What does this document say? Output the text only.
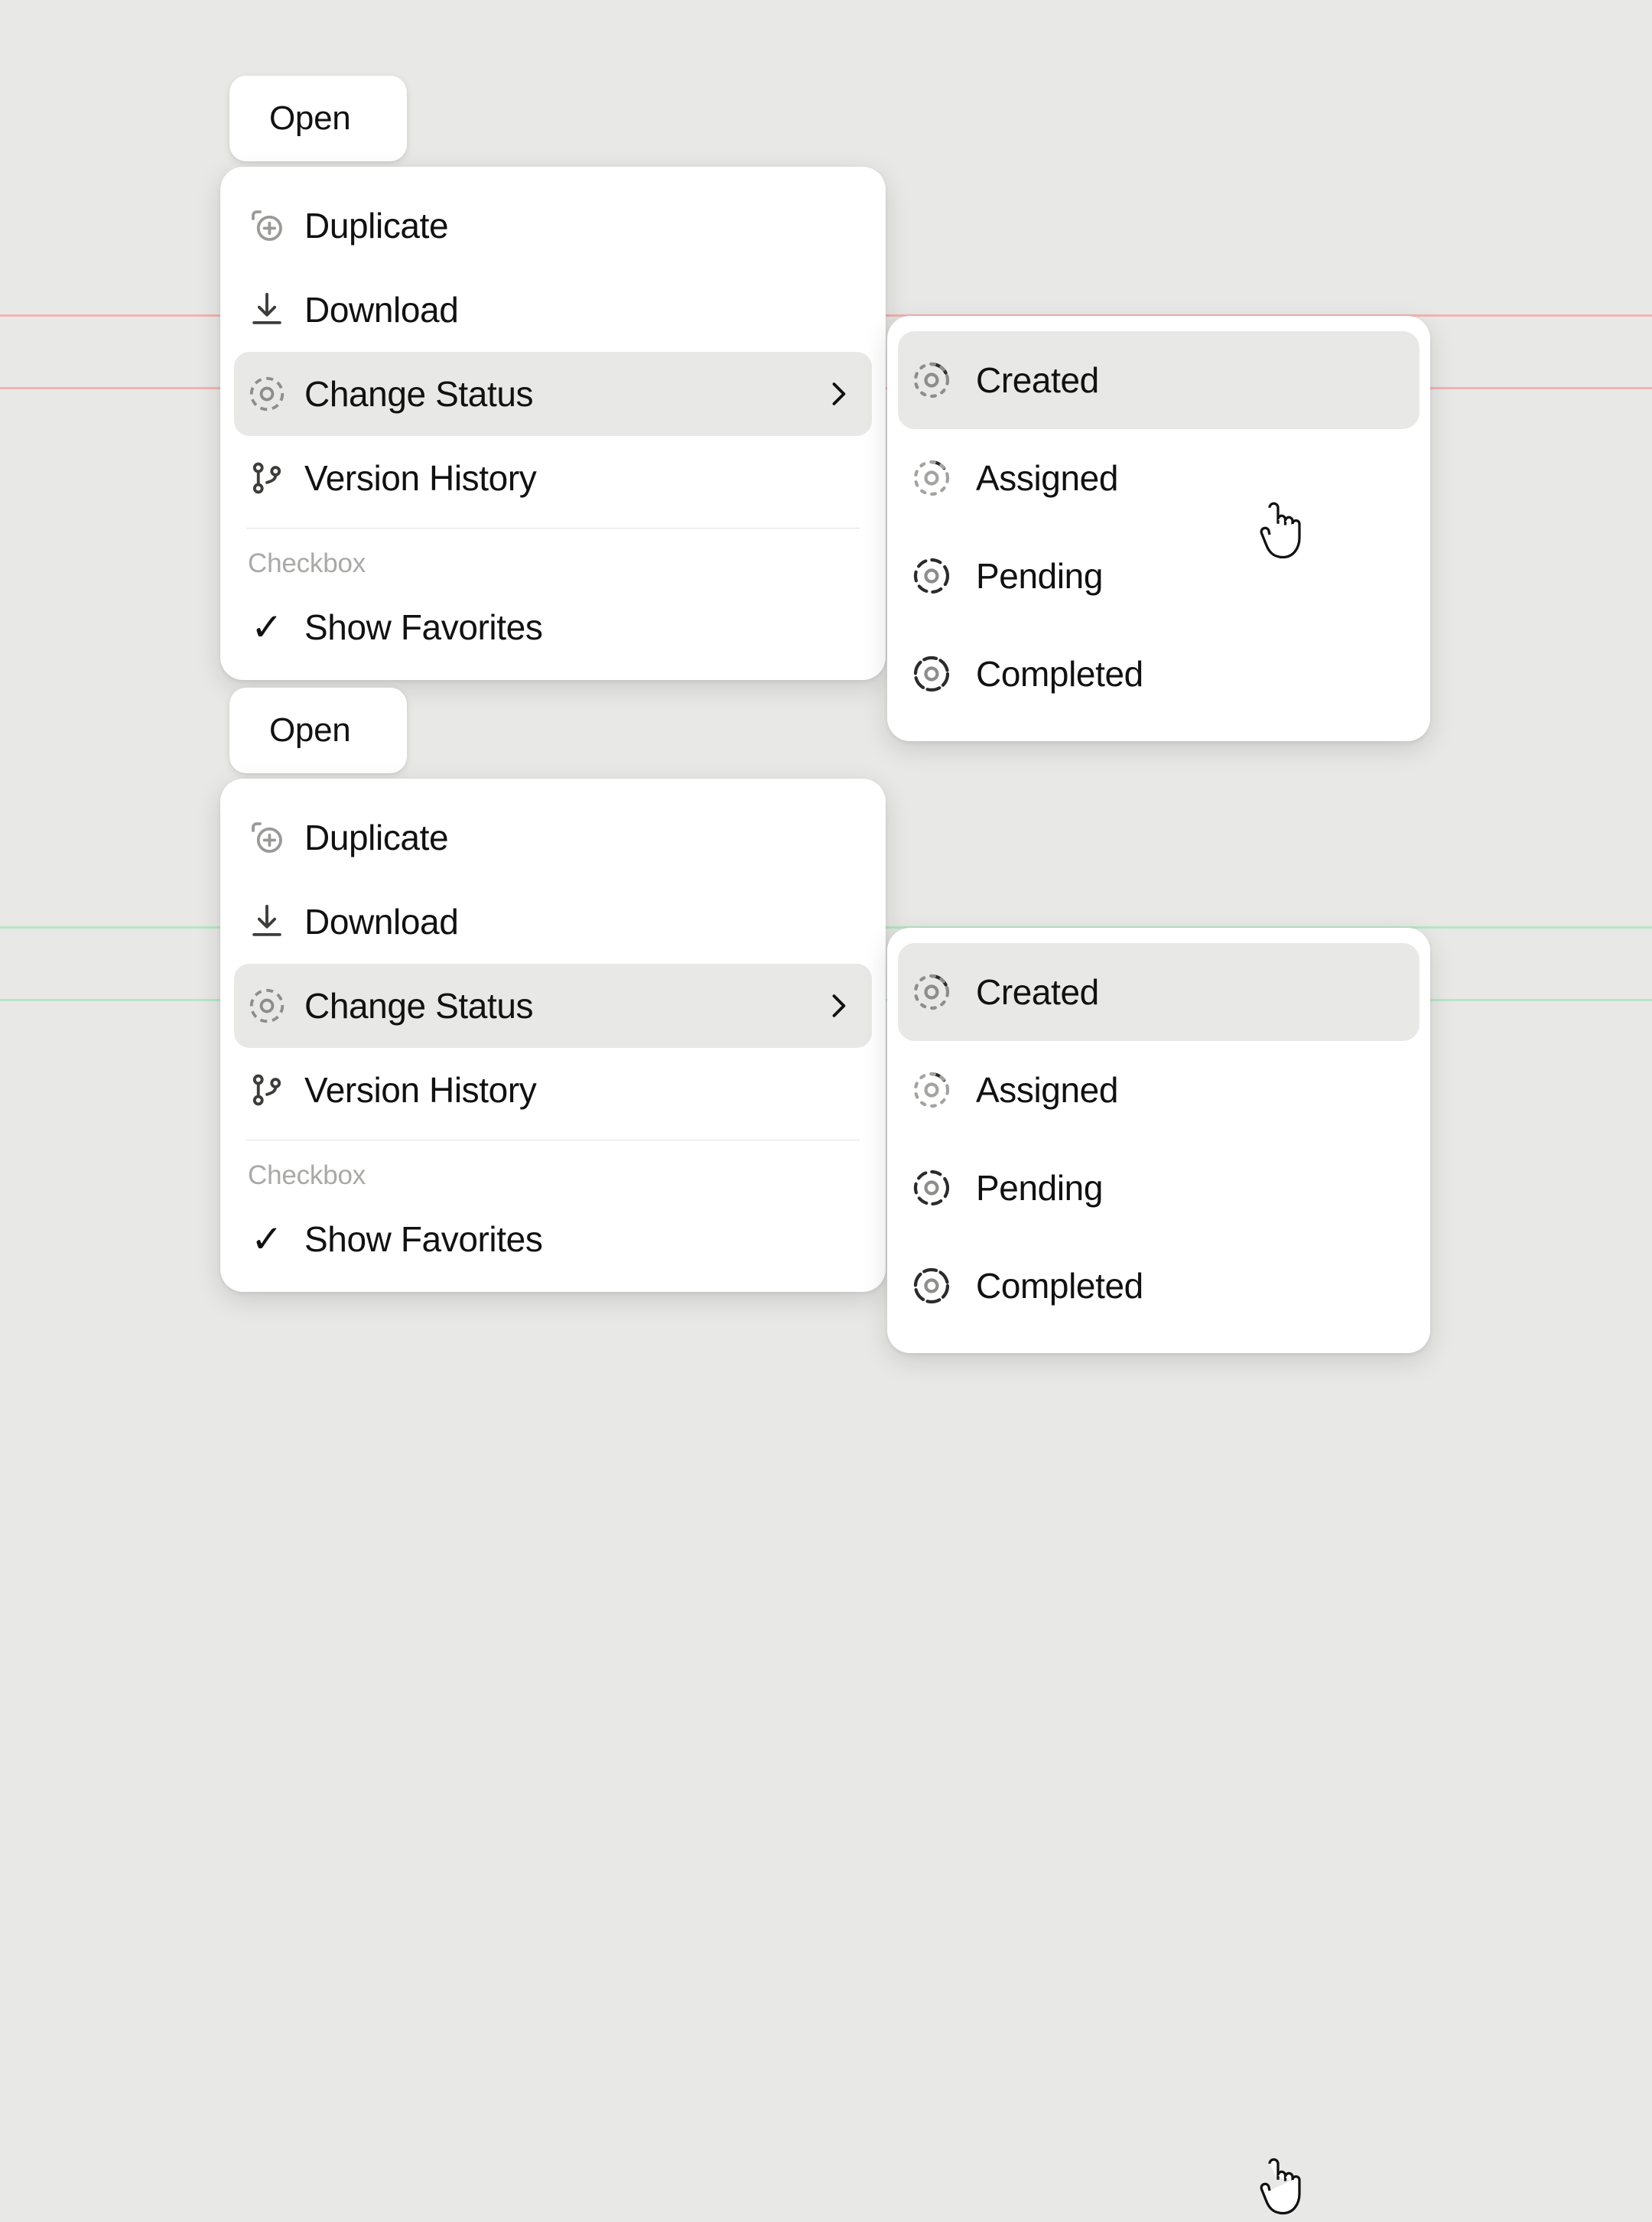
Open
Duplicate
Download
Change Status
Version History
Checkbox
✓ Show Favorites
Created
Assigned
Pending
Completed
Open
Duplicate
Download
Change Status
Version History
Checkbox
✓ Show Favorites
Created
Assigned
Pending
Completed
